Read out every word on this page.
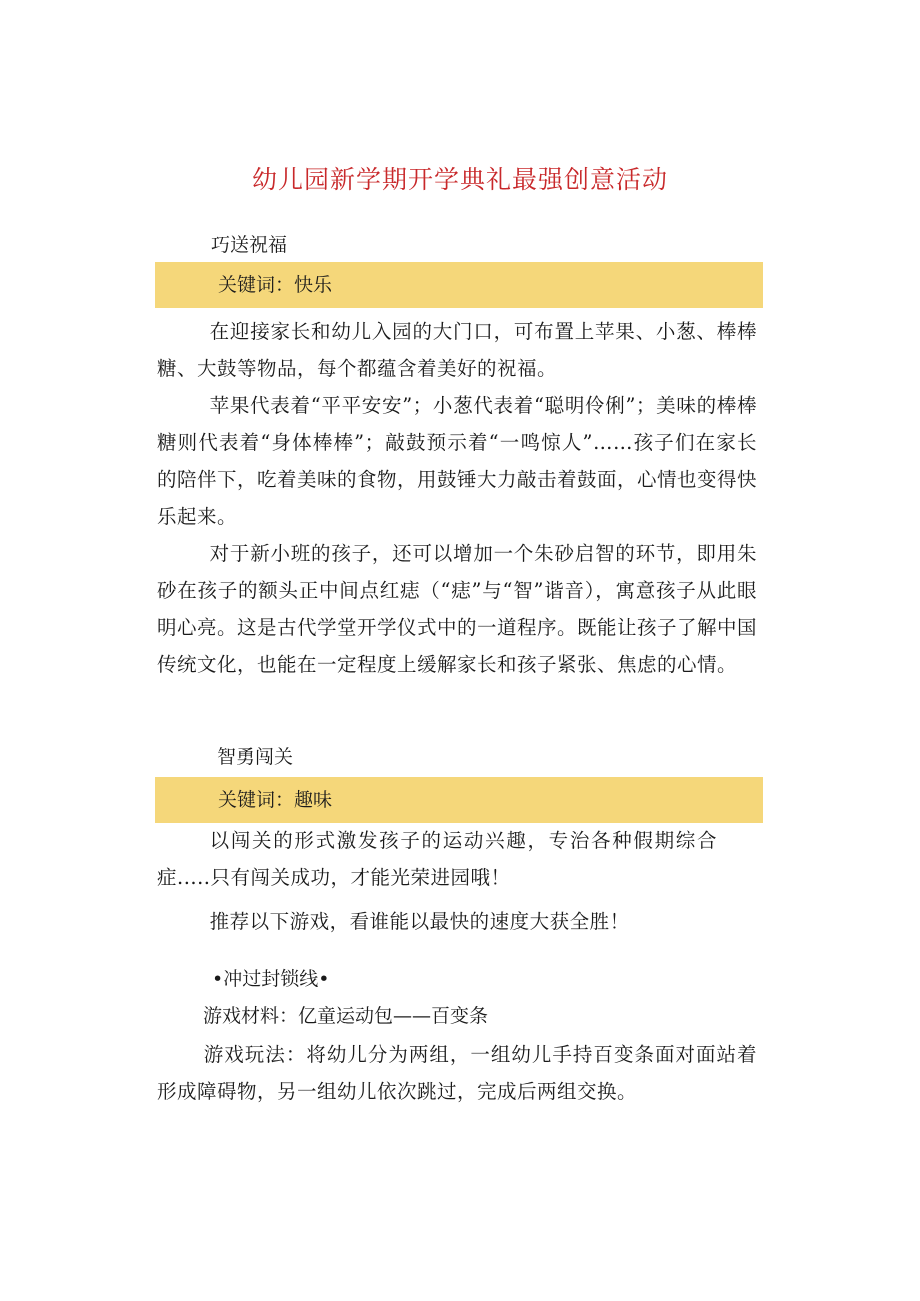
幼儿园新学期开学典礼最强创意活动
巧送祝福
关键词：快乐

在迎接家长和幼儿入园的大门口，可布置上苹果、小葱、棒棒糖、大鼓等物品，每个都蕴含着美好的祝福。

苹果代表着“平平安安”；小葱代表着“聪明伶俐”；美味的棒棒糖则代表着“身体棒棒”；敲鼓预示着“一鸣惊人”……孩子们在家长的陪伴下，吃着美味的食物，用鼓锤大力敲击着鼓面，心情也变得快乐起来。

对于新小班的孩子，还可以增加一个朱砂启智的环节，即用朱砂在孩子的额头正中间点红痣（“痣”与“智”谐音），寓意孩子从此眼明心亮。这是古代学堂开学仪式中的一道程序。既能让孩子了解中国传统文化，也能在一定程度上缓解家长和孩子紧张、焦虑的心情。

智勇闯关
关键词：趣味

以闯关的形式激发孩子的运动兴趣，专治各种假期综合症.....只有闯关成功，才能光荣进园哦！

推荐以下游戏，看谁能以最快的速度大获全胜！

•冲过封锁线•
游戏材料：亿童运动包——百变条

游戏玩法：将幼儿分为两组，一组幼儿手持百变条面对面站着形成障碍物，另一组幼儿依次跳过，完成后两组交换。
